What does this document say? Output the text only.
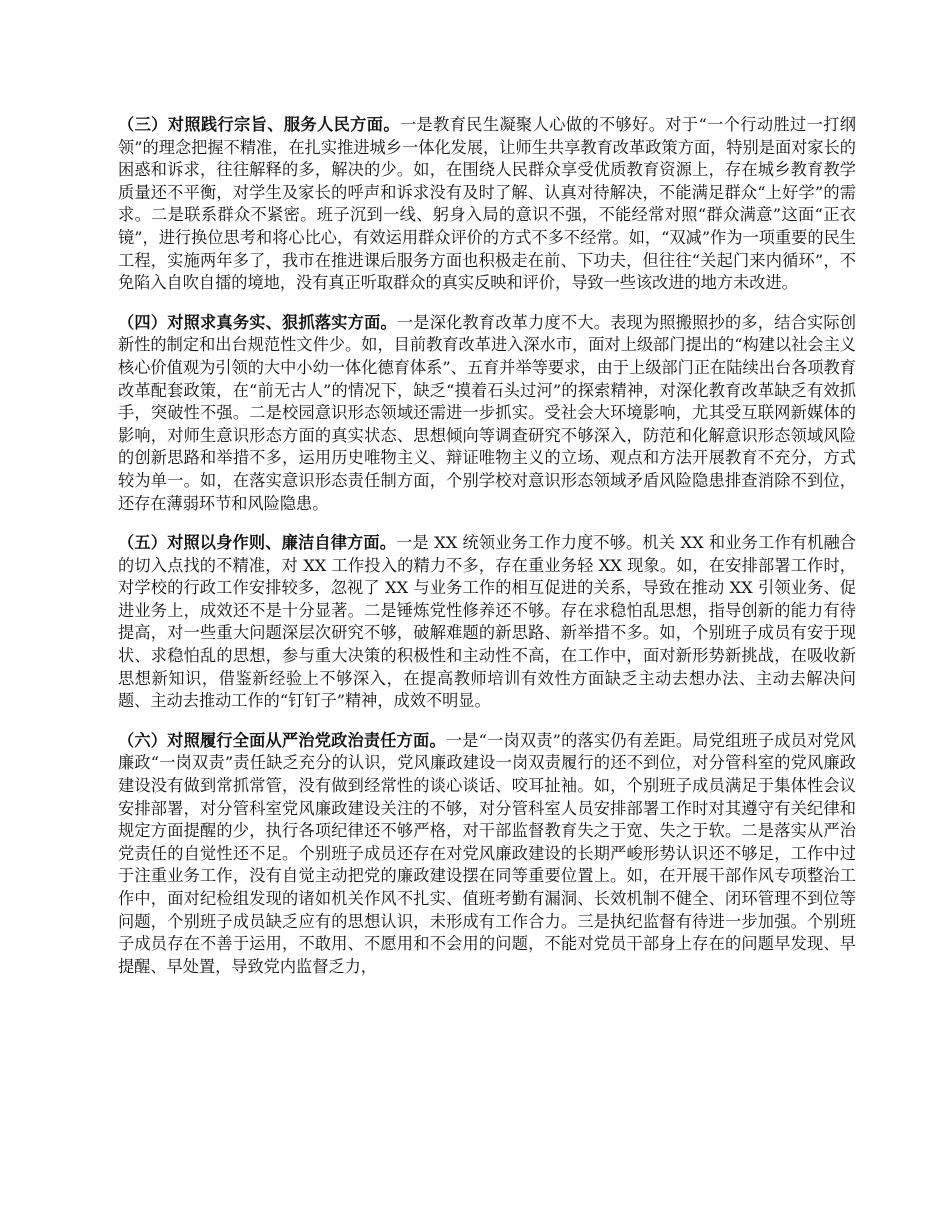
（三）对照践行宗旨、服务人民方面。一是教育民生凝聚人心做的不够好。对于“一个行动胜过一打纲领”的理念把握不精准，在扎实推进城乡一体化发展，让师生共享教育改革政策方面，特别是面对家长的困惑和诉求，往往解释的多，解决的少。如，在围绕人民群众享受优质教育资源上，存在城乡教育教学质量还不平衡，对学生及家长的呼声和诉求没有及时了解、认真对待解决，不能满足群众“上好学”的需求。二是联系群众不紧密。班子沉到一线、躬身入局的意识不强，不能经常对照“群众满意”这面“正衣镜”，进行换位思考和将心比心，有效运用群众评价的方式不多不经常。如，“双减”作为一项重要的民生工程，实施两年多了，我市在推进课后服务方面也积极走在前、下功夫，但往往“关起门来内循环”，不免陷入自吹自擂的境地，没有真正听取群众的真实反映和评价，导致一些该改进的地方未改进。

（四）对照求真务实、狠抓落实方面。一是深化教育改革力度不大。表现为照搬照抄的多，结合实际创新性的制定和出台规范性文件少。如，目前教育改革进入深水市，面对上级部门提出的“构建以社会主义核心价值观为引领的大中小幼一体化德育体系”、五育并举等要求，由于上级部门正在陆续出台各项教育改革配套政策，在“前无古人”的情况下，缺乏“摸着石头过河”的探索精神，对深化教育改革缺乏有效抓手，突破性不强。二是校园意识形态领域还需进一步抓实。受社会大环境影响，尤其受互联网新媒体的影响，对师生意识形态方面的真实状态、思想倾向等调查研究不够深入，防范和化解意识形态领域风险的创新思路和举措不多，运用历史唯物主义、辩证唯物主义的立场、观点和方法开展教育不充分，方式较为单一。如，在落实意识形态责任制方面，个别学校对意识形态领域矛盾风险隐患排查消除不到位，还存在薄弱环节和风险隐患。

（五）对照以身作则、廉洁自律方面。一是 XX 统领业务工作力度不够。机关 XX 和业务工作有机融合的切入点找的不精准，对 XX 工作投入的精力不多，存在重业务轻 XX 现象。如，在安排部署工作时，对学校的行政工作安排较多，忽视了 XX 与业务工作的相互促进的关系，导致在推动 XX 引领业务、促进业务上，成效还不是十分显著。二是锤炼党性修养还不够。存在求稳怕乱思想，指导创新的能力有待提高，对一些重大问题深层次研究不够，破解难题的新思路、新举措不多。如，个别班子成员有安于现状、求稳怕乱的思想，参与重大决策的积极性和主动性不高，在工作中，面对新形势新挑战，在吸收新思想新知识，借鉴新经验上不够深入，在提高教师培训有效性方面缺乏主动去想办法、主动去解决问题、主动去推动工作的“钉钉子”精神，成效不明显。

（六）对照履行全面从严治党政治责任方面。一是“一岗双责”的落实仍有差距。局党组班子成员对党风廉政“一岗双责”责任缺乏充分的认识，党风廉政建设一岗双责履行的还不到位，对分管科室的党风廉政建设没有做到常抓常管，没有做到经常性的谈心谈话、咬耳扯袖。如，个别班子成员满足于集体性会议安排部署，对分管科室党风廉政建设关注的不够，对分管科室人员安排部署工作时对其遵守有关纪律和规定方面提醒的少，执行各项纪律还不够严格，对干部监督教育失之于宽、失之于软。二是落实从严治党责任的自觉性还不足。个别班子成员还存在对党风廉政建设的长期严峻形势认识还不够足，工作中过于注重业务工作，没有自觉主动把党的廉政建设摆在同等重要位置上。如，在开展干部作风专项整治工作中，面对纪检组发现的诸如机关作风不扎实、值班考勤有漏洞、长效机制不健全、闭环管理不到位等问题，个别班子成员缺乏应有的思想认识，未形成有工作合力。三是执纪监督有待进一步加强。个别班子成员存在不善于运用，不敢用、不愿用和不会用的问题，不能对党员干部身上存在的问题早发现、早提醒、早处置，导致党内监督乏力，
